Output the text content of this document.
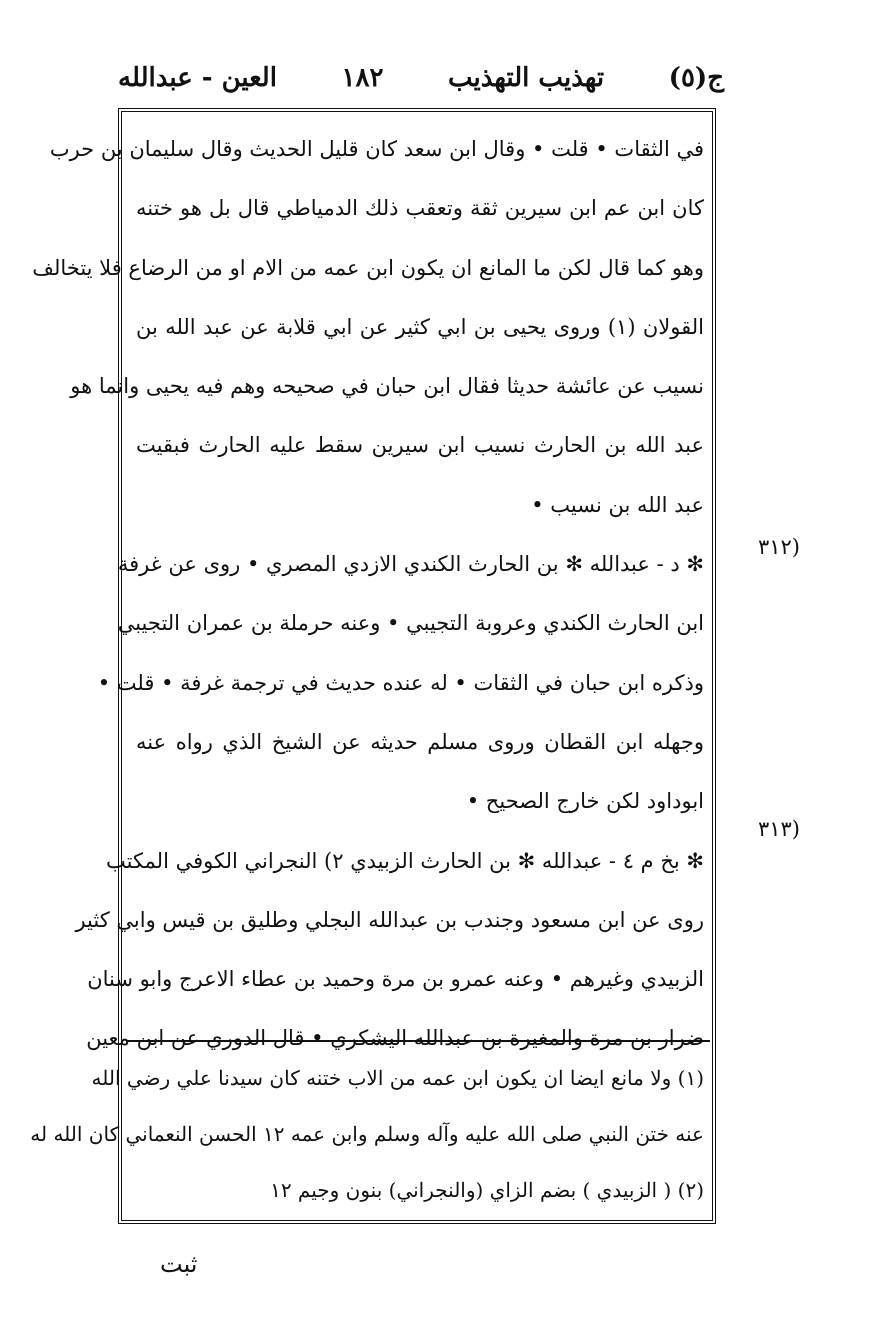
ج(٥)
تهذيب التهذيب
١٨٢
العين - عبدالله
في الثقات • قلت • وقال ابن سعد كان قليل الحديث وقال سليمان بن حرب
كان ابن عم ابن سيرين ثقة وتعقب ذلك الدمياطي قال بل هو ختنه
وهو كما قال لكن ما المانع ان يكون ابن عمه من الام او من الرضاع فلا يتخالف
القولان (١) وروى يحيى بن ابي كثير عن ابي قلابة عن عبد الله بن
نسيب عن عائشة حديثا فقال ابن حبان في صحيحه وهم فيه يحيى وانما هو
عبد الله بن الحارث نسيب ابن سيرين سقط عليه الحارث فبقيت
عبد الله بن نسيب •
✻ د - عبدالله ✻ بن الحارث الكندي الازدي المصري • روى عن غرفة
ابن الحارث الكندي وعروبة التجيبي • وعنه حرملة بن عمران التجيبي
وذكره ابن حبان في الثقات • له عنده حديث في ترجمة غرفة • قلت •
وجهله ابن القطان وروى مسلم حديثه عن الشيخ الذي رواه عنه
ابوداود لكن خارج الصحيح •
✻ بخ م ٤ - عبدالله ✻ بن الحارث الزبيدي ٢) النجراني الكوفي المكتب
روى عن ابن مسعود وجندب بن عبدالله البجلي وطليق بن قيس وابي كثير
الزبيدي وغيرهم • وعنه عمرو بن مرة وحميد بن عطاء الاعرج وابو سنان
ضرار بن مرة والمغيرة بن عبدالله اليشكري • قال الدوري عن ابن معين
(٣١٢
(٣١٣
(١) ولا مانع ايضا ان يكون ابن عمه من الاب ختنه كان سيدنا علي رضي الله
عنه ختن النبي صلى الله عليه وآله وسلم وابن عمه ١٢ الحسن النعماني كان الله له
(٢) ( الزبيدي ) بضم الزاي (والنجراني) بنون وجيم ١٢
ثبت
